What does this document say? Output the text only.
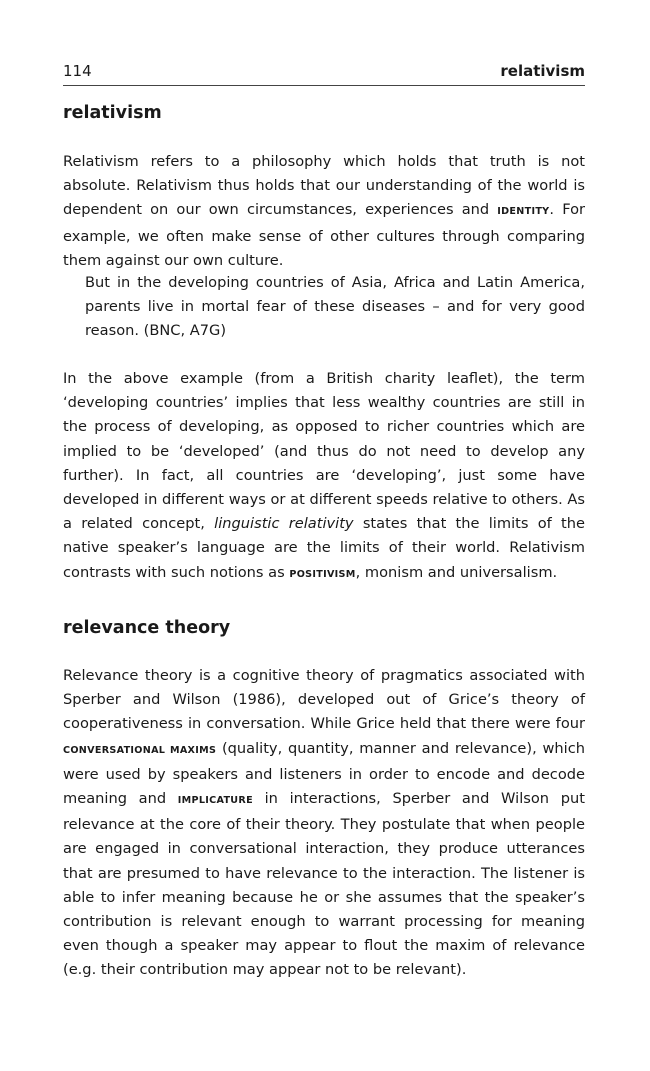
114	relativism
relativism

Relativism refers to a philosophy which holds that truth is not absolute. Relativism thus holds that our understanding of the world is dependent on our own circumstances, experiences and IDENTITY. For example, we often make sense of other cultures through comparing them against our own culture.

But in the developing countries of Asia, Africa and Latin America, parents live in mortal fear of these diseases – and for very good reason. (BNC, A7G)

In the above example (from a British charity leaflet), the term ‘developing countries’ implies that less wealthy countries are still in the process of developing, as opposed to richer countries which are implied to be ‘developed’ (and thus do not need to develop any further). In fact, all countries are ‘developing’, just some have developed in different ways or at different speeds relative to others. As a related concept, linguistic relativity states that the limits of the native speaker’s language are the limits of their world. Relativism contrasts with such notions as POSITIVISM, monism and universalism.

relevance theory

Relevance theory is a cognitive theory of pragmatics associated with Sperber and Wilson (1986), developed out of Grice’s theory of cooperativeness in conversation. While Grice held that there were four CONVERSATIONAL MAXIMS (quality, quantity, manner and relevance), which were used by speakers and listeners in order to encode and decode meaning and IMPLICATURE in interactions, Sperber and Wilson put relevance at the core of their theory. They postulate that when people are engaged in conversational interaction, they produce utterances that are presumed to have relevance to the interaction. The listener is able to infer meaning because he or she assumes that the speaker’s contribution is relevant enough to warrant processing for meaning even though a speaker may appear to flout the maxim of relevance (e.g. their contribution may appear not to be relevant).
